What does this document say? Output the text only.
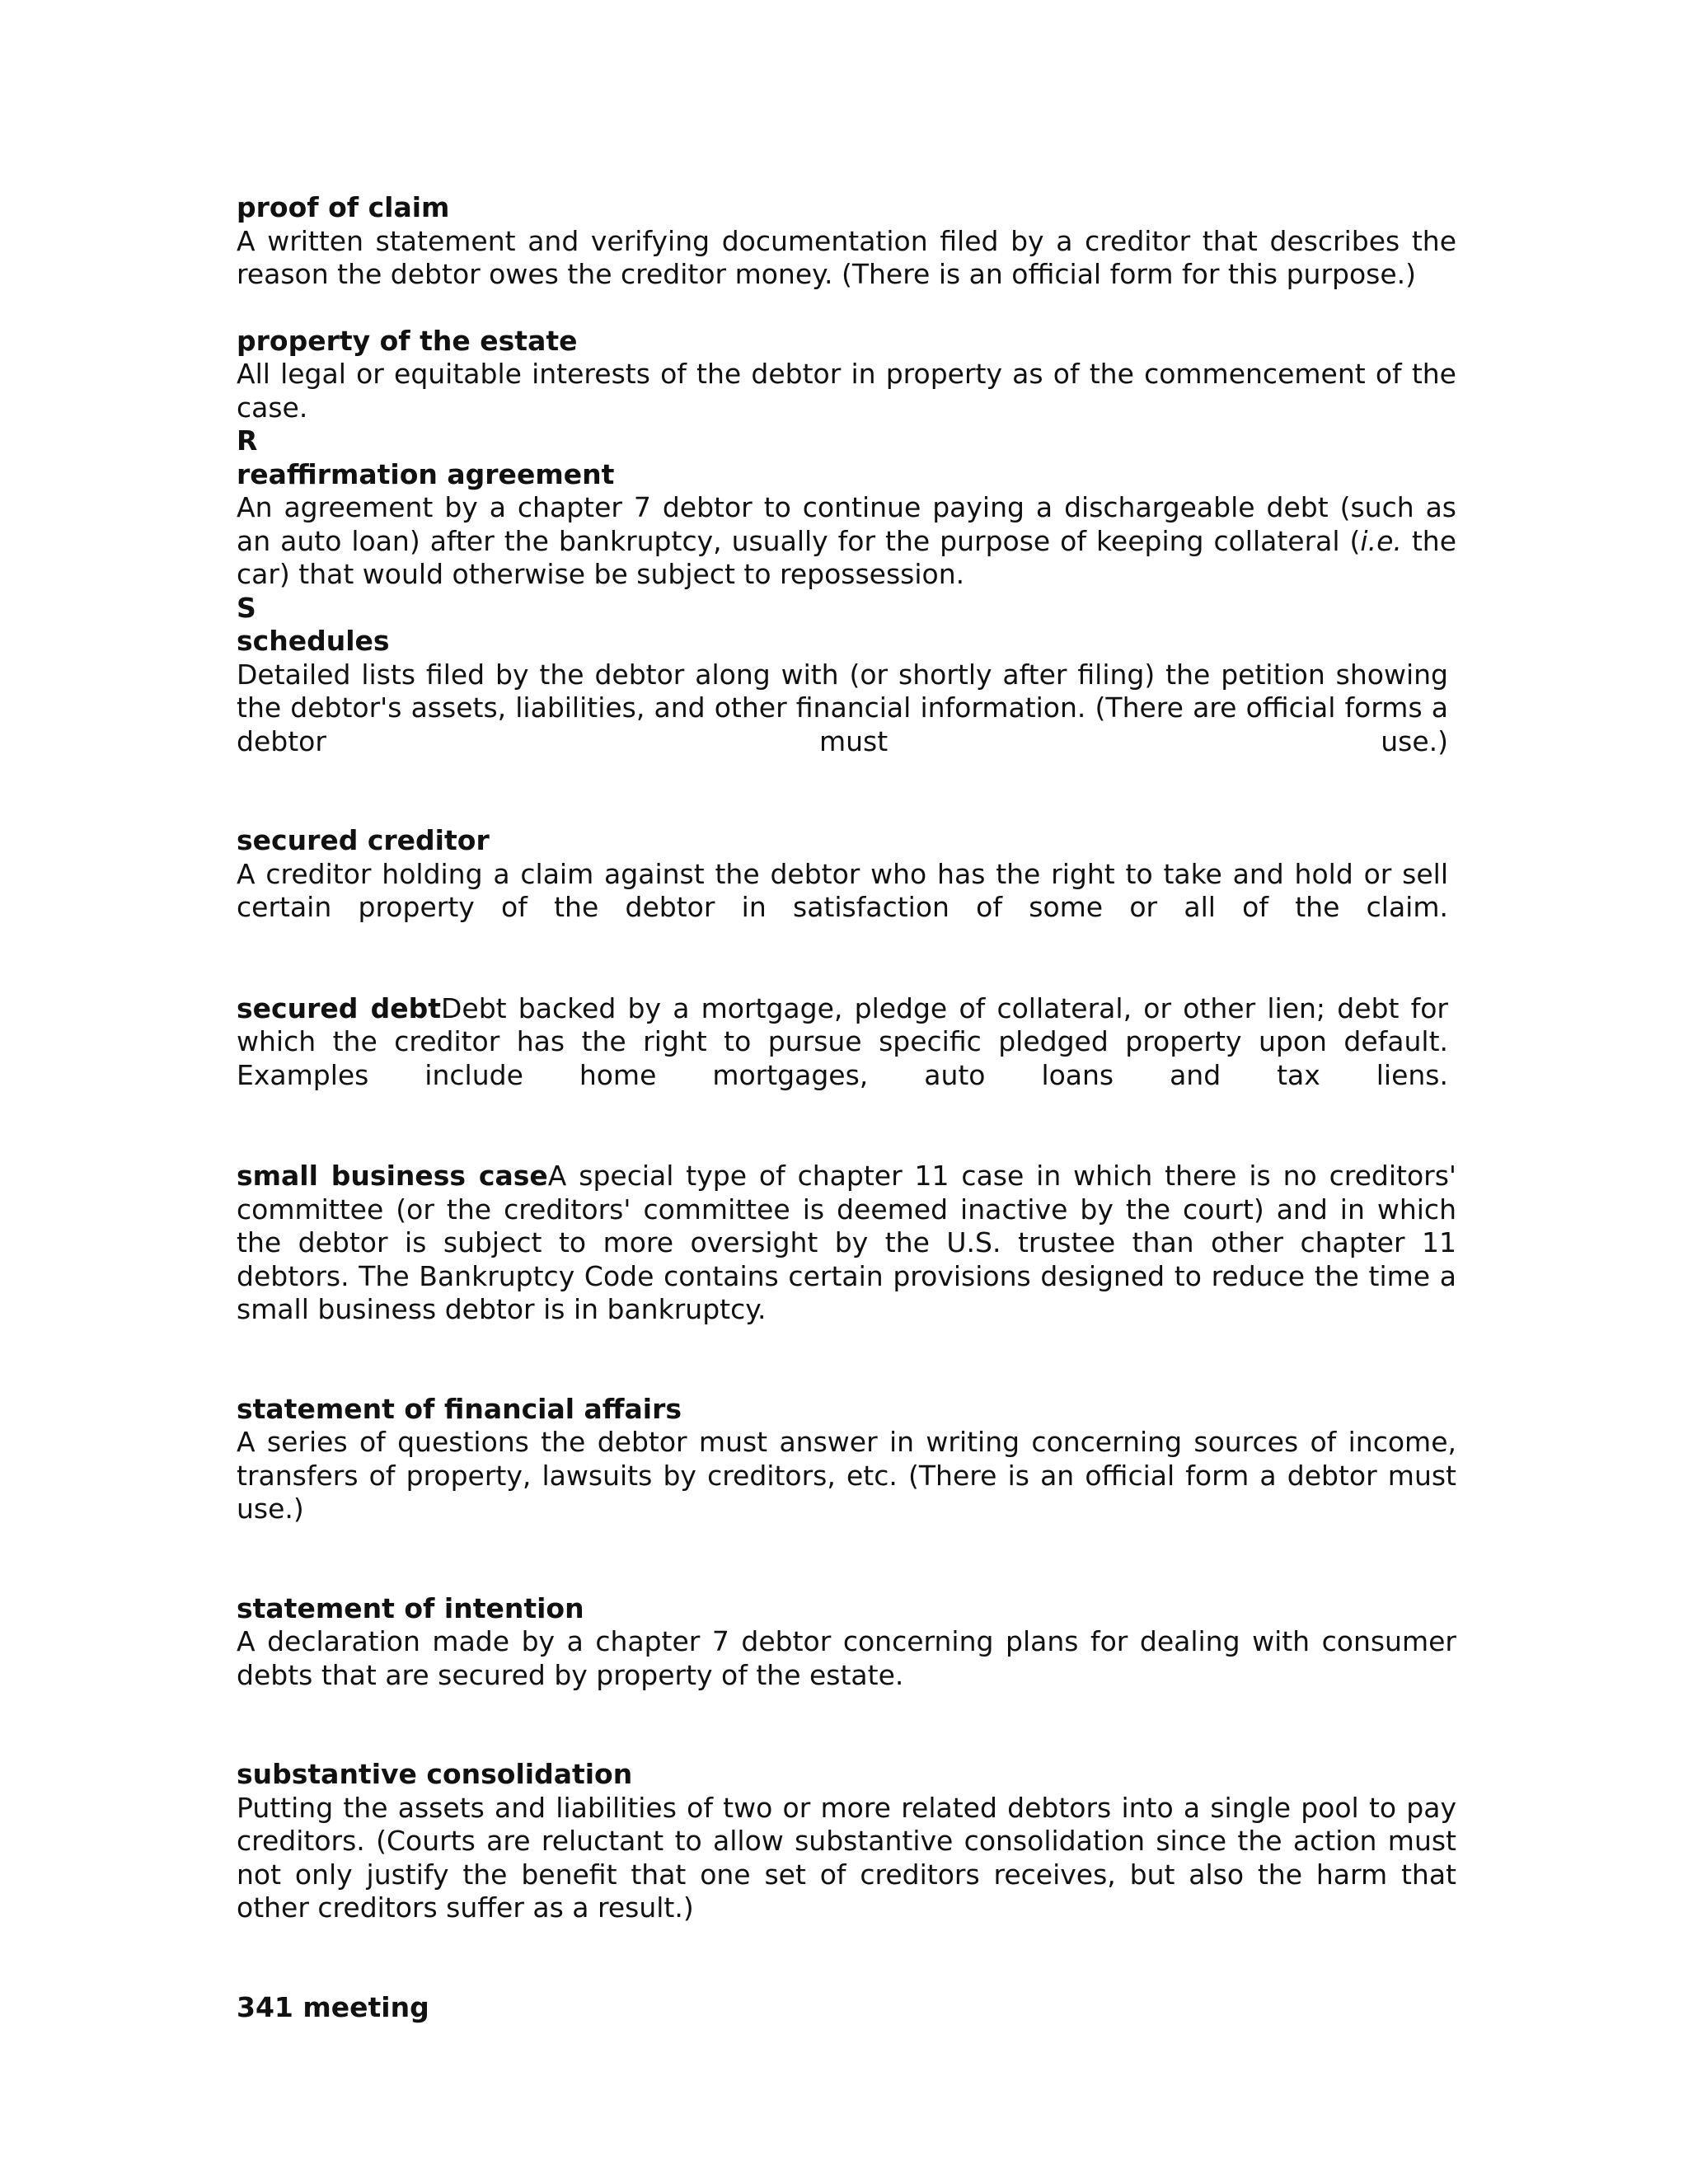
proof of claim
A written statement and verifying documentation filed by a creditor that describes the reason the debtor owes the creditor money. (There is an official form for this purpose.)
property of the estate
All legal or equitable interests of the debtor in property as of the commencement of the case.
R
reaffirmation agreement
An agreement by a chapter 7 debtor to continue paying a dischargeable debt (such as an auto loan) after the bankruptcy, usually for the purpose of keeping collateral (i.e. the car) that would otherwise be subject to repossession.
S
schedules
Detailed lists filed by the debtor along with (or shortly after filing) the petition showing the debtor's assets, liabilities, and other financial information. (There are official forms a debtor must use.)
secured creditor
A creditor holding a claim against the debtor who has the right to take and hold or sell certain property of the debtor in satisfaction of some or all of the claim.
secured debtDebt backed by a mortgage, pledge of collateral, or other lien; debt for which the creditor has the right to pursue specific pledged property upon default. Examples include home mortgages, auto loans and tax liens.
small business caseA special type of chapter 11 case in which there is no creditors' committee (or the creditors' committee is deemed inactive by the court) and in which the debtor is subject to more oversight by the U.S. trustee than other chapter 11 debtors. The Bankruptcy Code contains certain provisions designed to reduce the time a small business debtor is in bankruptcy.
statement of financial affairs
A series of questions the debtor must answer in writing concerning sources of income, transfers of property, lawsuits by creditors, etc. (There is an official form a debtor must use.)
statement of intention
A declaration made by a chapter 7 debtor concerning plans for dealing with consumer debts that are secured by property of the estate.
substantive consolidation
Putting the assets and liabilities of two or more related debtors into a single pool to pay creditors. (Courts are reluctant to allow substantive consolidation since the action must not only justify the benefit that one set of creditors receives, but also the harm that other creditors suffer as a result.)
341 meeting
